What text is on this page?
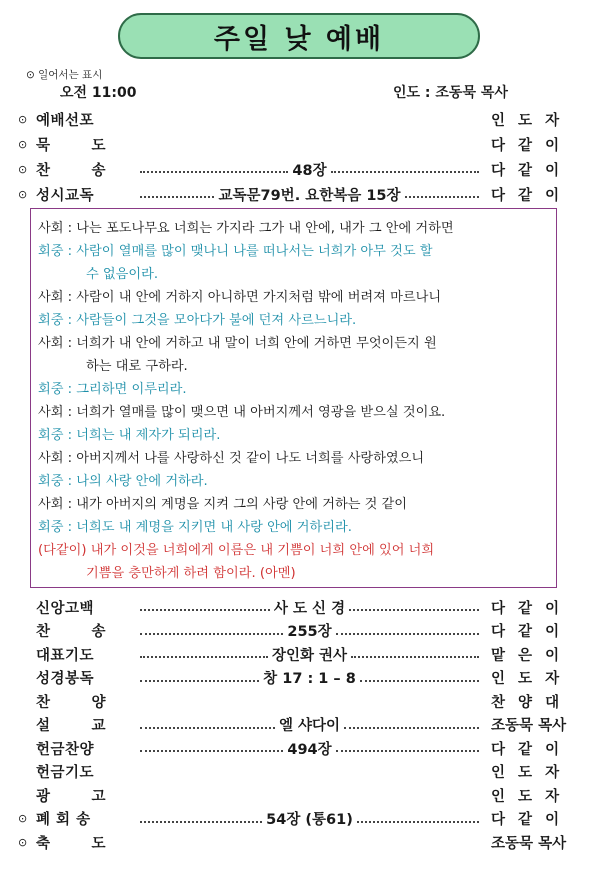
주일 낮 예배
⊙ 일어서는 표시
오전 11:00	인도 : 조동묵 목사
⊙ 예배선포	인 도 자
⊙ 묵 도	다 같 이
⊙ 찬 송	48장	다 같 이
⊙ 성시교독	교독문79번. 요한복음 15장	다 같 이
사회 : 나는 포도나무요 너희는 가지라 그가 내 안에, 내가 그 안에 거하면
회중 : 사람이 열매를 많이 맺나니 나를 떠나서는 너희가 아무 것도 할
수 없음이라.
사회 : 사람이 내 안에 거하지 아니하면 가지처럼 밖에 버려져 마르나니
회중 : 사람들이 그것을 모아다가 불에 던져 사르느니라.
사회 : 너희가 내 안에 거하고 내 말이 너희 안에 거하면 무엇이든지 원
하는 대로 구하라.
회중 : 그리하면 이루리라.
사회 : 너희가 열매를 많이 맺으면 내 아버지께서 영광을 받으실 것이요.
회중 : 너희는 내 제자가 되리라.
사회 : 아버지께서 나를 사랑하신 것 같이 나도 너희를 사랑하였으니
회중 : 나의 사랑 안에 거하라.
사회 : 내가 아버지의 계명을 지켜 그의 사랑 안에 거하는 것 같이
회중 : 너희도 내 계명을 지키면 내 사랑 안에 거하리라.
(다같이) 내가 이것을 너희에게 이름은 내 기쁨이 너희 안에 있어 너희
기쁨을 충만하게 하려 함이라. (아멘)
신앙고백	사 도 신 경	다 같 이
찬 송	255장	다 같 이
대표기도	장인화 권사	맡 은 이
성경봉독	창 17 : 1 – 8	인 도 자
찬 양	찬 양 대
설 교	엘 샤다이	조동묵 목사
헌금찬양	494장	다 같 이
헌금기도	인 도 자
광 고	인 도 자
⊙ 폐 회 송	54장 (통61)	다 같 이
⊙ 축 도	조동묵 목사
